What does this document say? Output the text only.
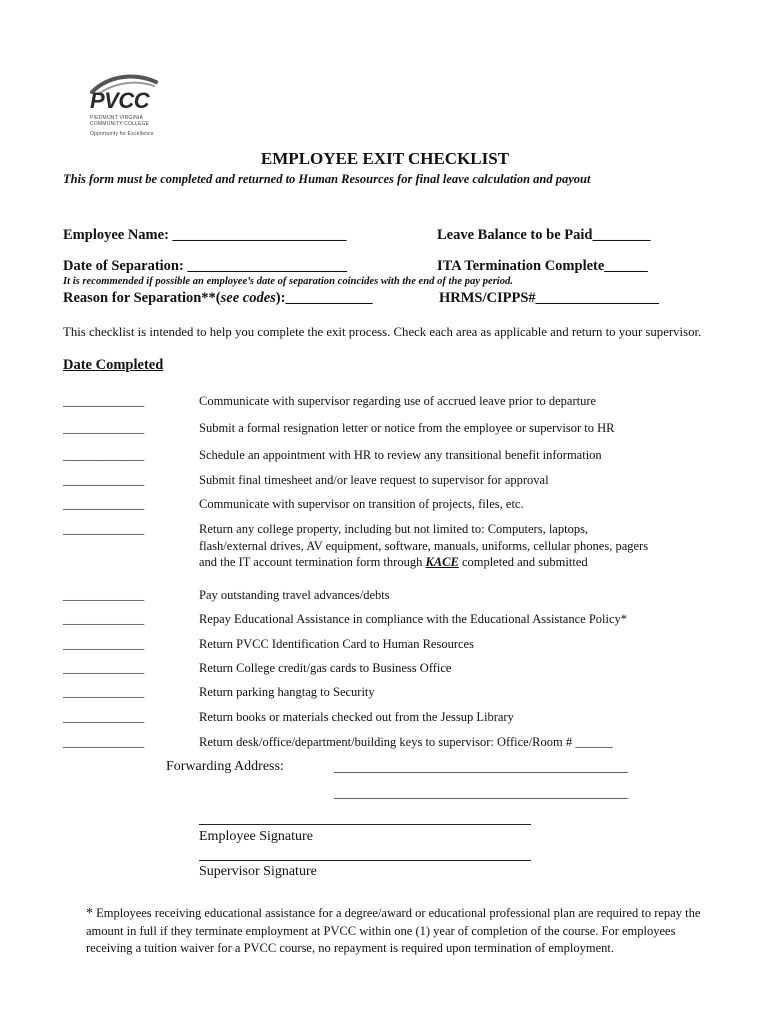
PVCC
PIEDMONT VIRGINIA
COMMUNITY COLLEGE
Opportunity for Excellence
EMPLOYEE EXIT CHECKLIST
This form must be completed and returned to Human Resources for final leave calculation and payout
Employee Name: ________________________	Leave Balance to be Paid________
Date of Separation: ______________________	ITA Termination Complete______
It is recommended if possible an employee’s date of separation coincides with the end of the pay period.
Reason for Separation**(see codes):____________	HRMS/CIPPS#_________________
This checklist is intended to help you complete the exit process. Check each area as applicable and return to your supervisor.
Date Completed
_____________	Communicate with supervisor regarding use of accrued leave prior to departure
_____________	Submit a formal resignation letter or notice from the employee or supervisor to HR
_____________	Schedule an appointment with HR to review any transitional benefit information
_____________	Submit final timesheet and/or leave request to supervisor for approval
_____________	Communicate with supervisor on transition of projects, files, etc.
_____________	Return any college property, including but not limited to: Computers, laptops,
flash/external drives, AV equipment, software, manuals, uniforms, cellular phones, pagers
and the IT account termination form through KACE completed and submitted
_____________	Pay outstanding travel advances/debts
_____________	Repay Educational Assistance in compliance with the Educational Assistance Policy*
_____________	Return PVCC Identification Card to Human Resources
_____________	Return College credit/gas cards to Business Office
_____________	Return parking hangtag to Security
_____________	Return books or materials checked out from the Jessup Library
_____________	Return desk/office/department/building keys to supervisor: Office/Room # ______
Forwarding Address:	__________________________________________
__________________________________________
Employee Signature
Supervisor Signature
* Employees receiving educational assistance for a degree/award or educational professional plan are required to repay the amount in full if they terminate employment at PVCC within one (1) year of completion of the course. For employees receiving a tuition waiver for a PVCC course, no repayment is required upon termination of employment.
